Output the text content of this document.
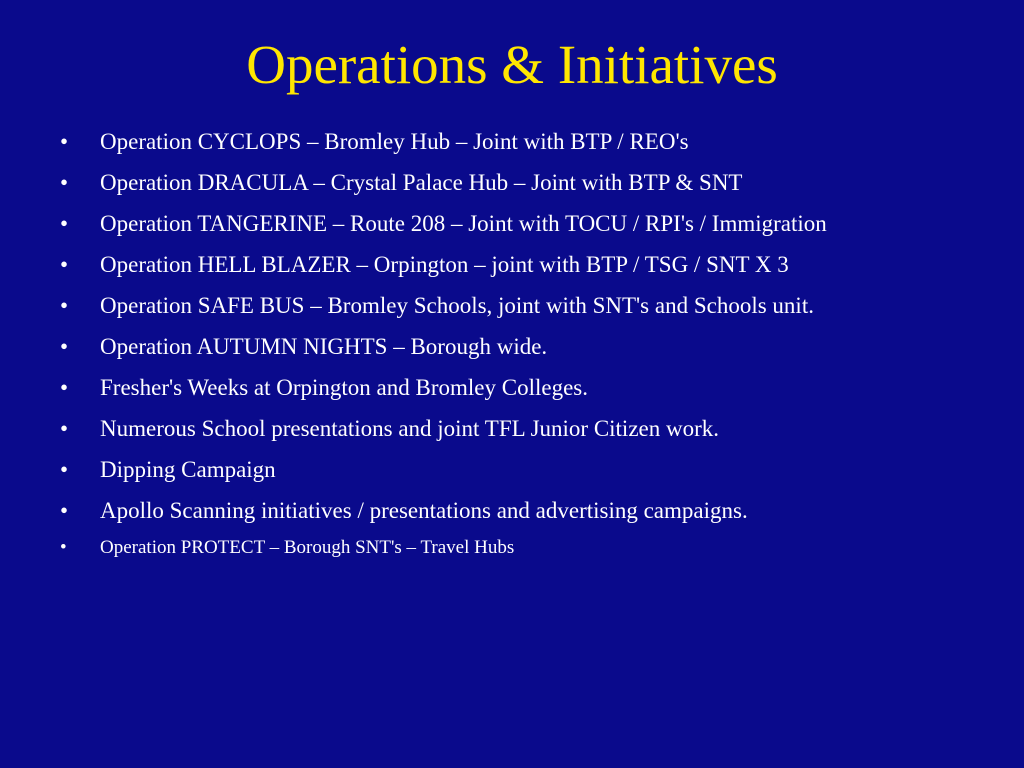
Operations & Initiatives
• Operation CYCLOPS – Bromley Hub – Joint with BTP / REO's
• Operation DRACULA – Crystal Palace Hub – Joint with BTP & SNT
• Operation TANGERINE – Route 208 – Joint with TOCU / RPI's / Immigration
• Operation HELL BLAZER – Orpington – joint with BTP / TSG / SNT X 3
• Operation SAFE BUS – Bromley Schools, joint with SNT's and Schools unit.
• Operation AUTUMN NIGHTS – Borough wide.
• Fresher's Weeks at Orpington and Bromley Colleges.
• Numerous School presentations and joint TFL Junior Citizen work.
• Dipping Campaign
• Apollo Scanning initiatives / presentations and advertising campaigns.
• Operation PROTECT – Borough SNT's – Travel Hubs
